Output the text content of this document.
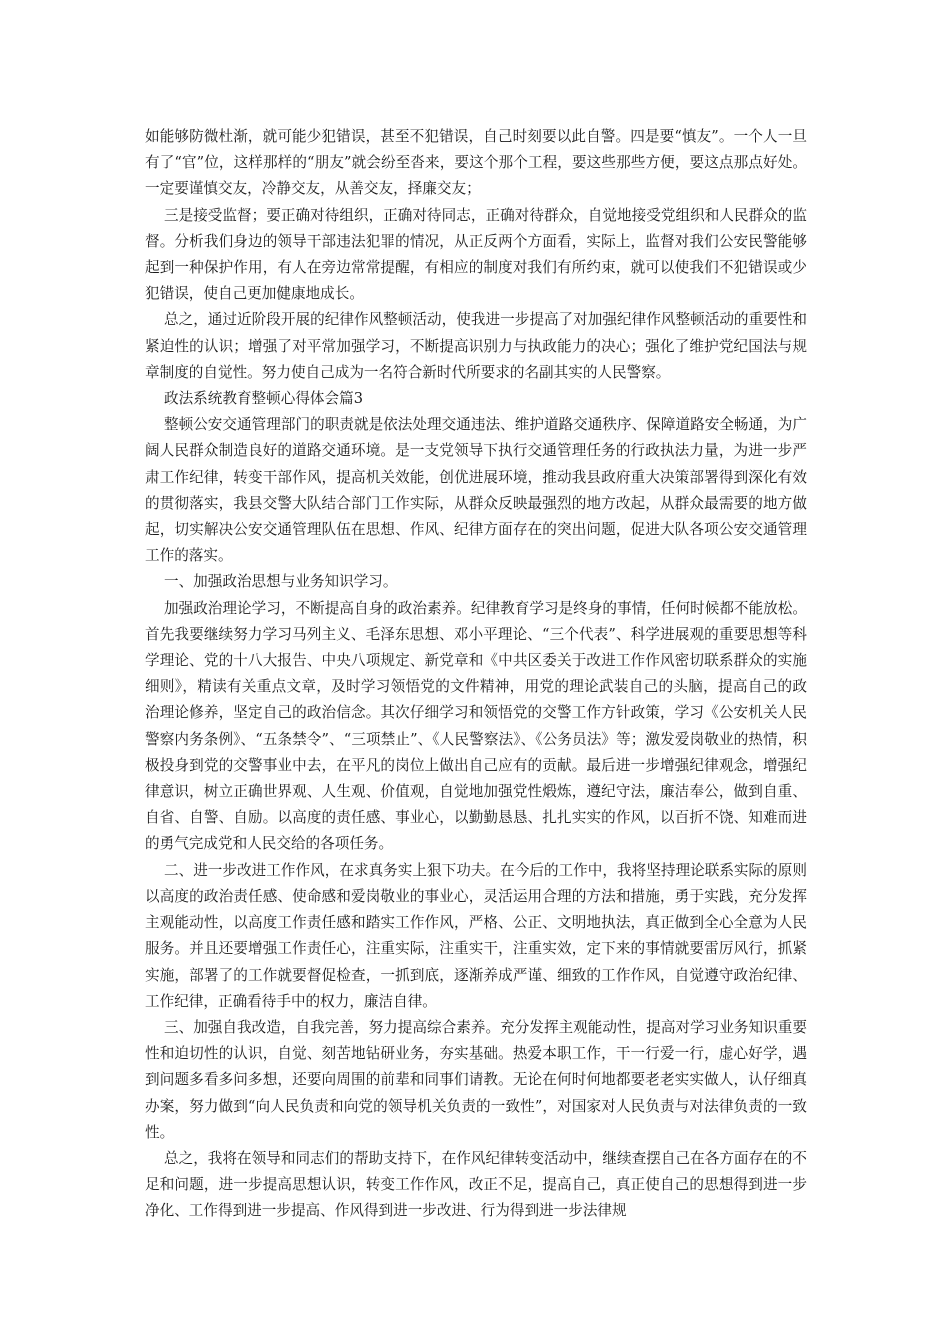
如能够防微杜渐，就可能少犯错误，甚至不犯错误，自己时刻要以此自警。四是要“慎友”。一个人一旦有了“官”位，这样那样的“朋友”就会纷至沓来，要这个那个工程，要这些那些方便，要这点那点好处。一定要谨慎交友，冷静交友，从善交友，择廉交友；

三是接受监督；要正确对待组织，正确对待同志，正确对待群众，自觉地接受党组织和人民群众的监督。分析我们身边的领导干部违法犯罪的情况，从正反两个方面看，实际上，监督对我们公安民警能够起到一种保护作用，有人在旁边常常提醒，有相应的制度对我们有所约束，就可以使我们不犯错误或少犯错误，使自己更加健康地成长。

总之，通过近阶段开展的纪律作风整顿活动，使我进一步提高了对加强纪律作风整顿活动的重要性和紧迫性的认识；增强了对平常加强学习，不断提高识别力与执政能力的决心；强化了维护党纪国法与规章制度的自觉性。努力使自己成为一名符合新时代所要求的名副其实的人民警察。

政法系统教育整顿心得体会篇3

整顿公安交通管理部门的职责就是依法处理交通违法、维护道路交通秩序、保障道路安全畅通，为广阔人民群众制造良好的道路交通环境。是一支党领导下执行交通管理任务的行政执法力量，为进一步严肃工作纪律，转变干部作风，提高机关效能，创优进展环境，推动我县政府重大决策部署得到深化有效的贯彻落实，我县交警大队结合部门工作实际，从群众反映最强烈的地方改起，从群众最需要的地方做起，切实解决公安交通管理队伍在思想、作风、纪律方面存在的突出问题，促进大队各项公安交通管理工作的落实。

一、加强政治思想与业务知识学习。

加强政治理论学习，不断提高自身的政治素养。纪律教育学习是终身的事情，任何时候都不能放松。首先我要继续努力学习马列主义、毛泽东思想、邓小平理论、“三个代表”、科学进展观的重要思想等科学理论、党的十八大报告、中央八项规定、新党章和《中共区委关于改进工作作风密切联系群众的实施细则》，精读有关重点文章，及时学习领悟党的文件精神，用党的理论武装自己的头脑，提高自己的政治理论修养，坚定自己的政治信念。其次仔细学习和领悟党的交警工作方针政策，学习《公安机关人民警察内务条例》、“五条禁令”、“三项禁止”、《人民警察法》、《公务员法》等；激发爱岗敬业的热情，积极投身到党的交警事业中去，在平凡的岗位上做出自己应有的贡献。最后进一步增强纪律观念，增强纪律意识，树立正确世界观、人生观、价值观，自觉地加强党性煅炼，遵纪守法，廉洁奉公，做到自重、自省、自警、自励。以高度的责任感、事业心，以勤勤恳恳、扎扎实实的作风，以百折不饶、知难而进的勇气完成党和人民交给的各项任务。

二、进一步改进工作作风，在求真务实上狠下功夫。在今后的工作中，我将坚持理论联系实际的原则以高度的政治责任感、使命感和爱岗敬业的事业心，灵活运用合理的方法和措施，勇于实践，充分发挥主观能动性，以高度工作责任感和踏实工作作风，严格、公正、文明地执法，真正做到全心全意为人民服务。并且还要增强工作责任心，注重实际，注重实干，注重实效，定下来的事情就要雷厉风行，抓紧实施，部署了的工作就要督促检查，一抓到底，逐渐养成严谨、细致的工作作风，自觉遵守政治纪律、工作纪律，正确看待手中的权力，廉洁自律。

三、加强自我改造，自我完善，努力提高综合素养。充分发挥主观能动性，提高对学习业务知识重要性和迫切性的认识，自觉、刻苦地钻研业务，夯实基础。热爱本职工作，干一行爱一行，虚心好学，遇到问题多看多问多想，还要向周围的前辈和同事们请教。无论在何时何地都要老老实实做人，认仔细真办案，努力做到“向人民负责和向党的领导机关负责的一致性”，对国家对人民负责与对法律负责的一致性。

总之，我将在领导和同志们的帮助支持下，在作风纪律转变活动中，继续查摆自己在各方面存在的不足和问题，进一步提高思想认识，转变工作作风，改正不足，提高自己，真正使自己的思想得到进一步净化、工作得到进一步提高、作风得到进一步改进、行为得到进一步法律规
